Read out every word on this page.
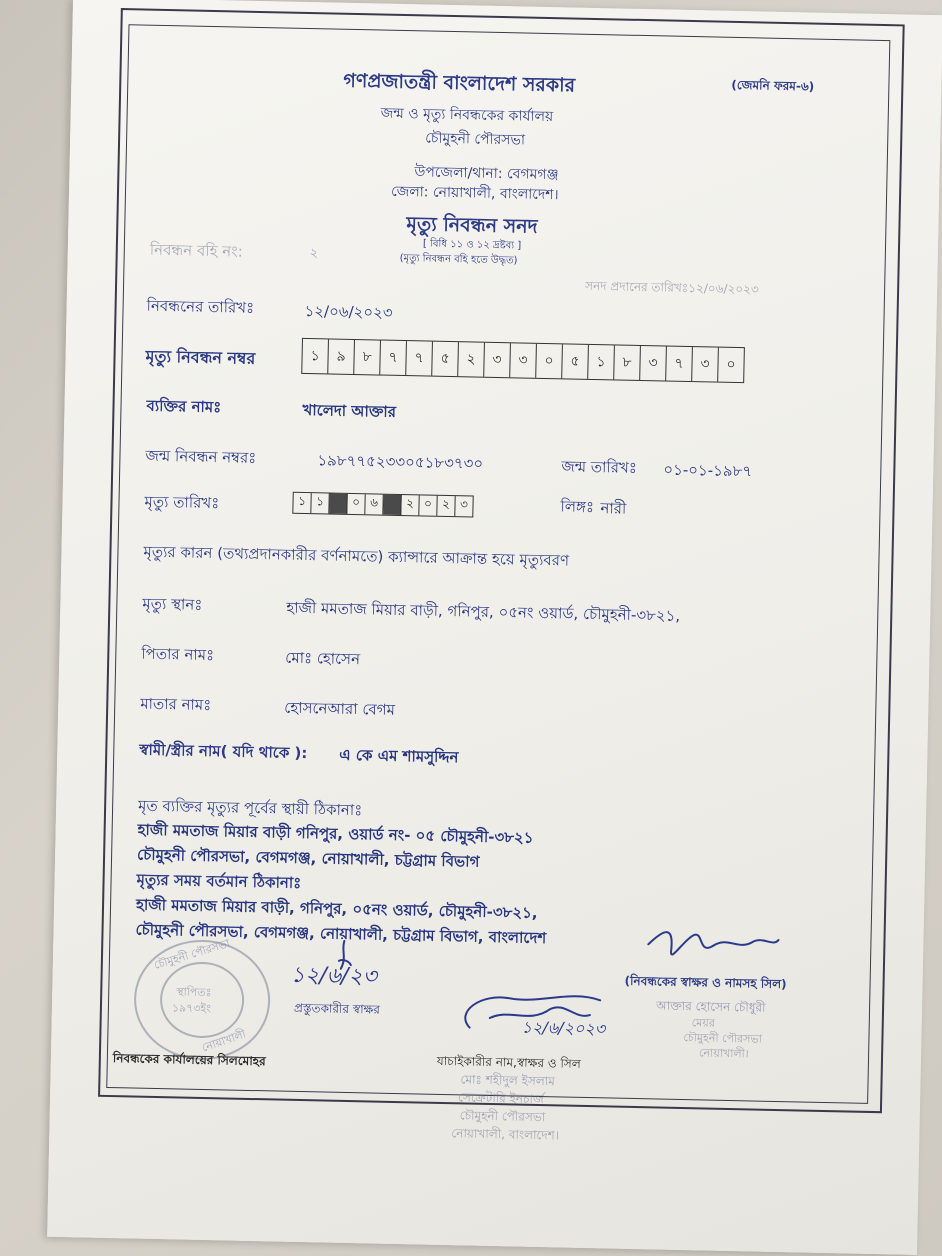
গণপ্রজাতন্ত্রী বাংলাদেশ সরকার	(জেমনি ফরম-৬)
জন্ম ও মৃত্যু নিবন্ধকের কার্যালয়
চৌমুহনী পৌরসভা
উপজেলা/থানা: বেগমগঞ্জ
জেলা: নোয়াখালী, বাংলাদেশ।
মৃত্যু নিবন্ধন সনদ
[ বিধি ১১ ও ১২ দ্রষ্টব্য ]
(মৃত্যু নিবন্ধন বহি হতে উদ্ধৃত)
নিবন্ধন বহি নং:	২
সনদ প্রদানের তারিখঃ১২/০৬/২০২৩
নিবন্ধনের তারিখঃ	১২/০৬/২০২৩
মৃত্যু নিবন্ধন নম্বর	১	৯	৮	৭	৭	৫	২	৩	৩	০	৫	১	৮	৩	৭	৩	০
ব্যক্তির নামঃ	খালেদা আক্তার
জন্ম নিবন্ধন নম্বরঃ	১৯৮৭৭৫২৩৩০৫১৮৩৭৩০	জন্ম তারিখঃ ০১-০১-১৯৮৭
মৃত্যু তারিখঃ	১ ১	০ ৬	২ ০ ২ ৩	লিঙ্গঃ নারী
মৃত্যুর কারন (তথ্যপ্রদানকারীর বর্ণনামতে) ক্যান্সারে আক্রান্ত হয়ে মৃত্যুবরণ
মৃত্যু স্থানঃ	হাজী মমতাজ মিয়ার বাড়ী, গনিপুর, ০৫নং ওয়ার্ড, চৌমুহনী-৩৮২১,
পিতার নামঃ	মোঃ হোসেন
মাতার নামঃ	হোসনেআরা বেগম
স্বামী/স্ত্রীর নাম( যদি থাকে ): এ কে এম শামসুদ্দিন
মৃত ব্যক্তির মৃত্যুর পূর্বের স্থায়ী ঠিকানাঃ
হাজী মমতাজ মিয়ার বাড়ী গনিপুর, ওয়ার্ড নং- ০৫ চৌমুহনী-৩৮২১
চৌমুহনী পৌরসভা, বেগমগঞ্জ, নোয়াখালী, চট্টগ্রাম বিভাগ
মৃত্যুর সময় বর্তমান ঠিকানাঃ
হাজী মমতাজ মিয়ার বাড়ী, গনিপুর, ০৫নং ওয়ার্ড, চৌমুহনী-৩৮২১,
চৌমুহনী পৌরসভা, বেগমগঞ্জ, নোয়াখালী, চট্টগ্রাম বিভাগ, বাংলাদেশ
(নিবন্ধকের স্বাক্ষর ও নামসহ সিল)
আক্তার হোসেন চৌধুরী
মেয়র
চৌমুহনী পৌরসভা
নোয়াখালী।
চৌমুহনী পৌরসভা
স্থাপিতঃ
১৯৭৩ইং
নোয়াখালী
১২/৬/২৩
প্রস্তুতকারীর স্বাক্ষর
১২/৬/২০২৩
যাচাইকারীর নাম,স্বাক্ষর ও সিল
মোঃ শহীদুল ইসলাম
সেক্রেটারি ইনচার্জ
চৌমুহনী পৌরসভা
নোয়াখালী, বাংলাদেশ।
নিবন্ধকের কার্যালয়ের সিলমোহর
